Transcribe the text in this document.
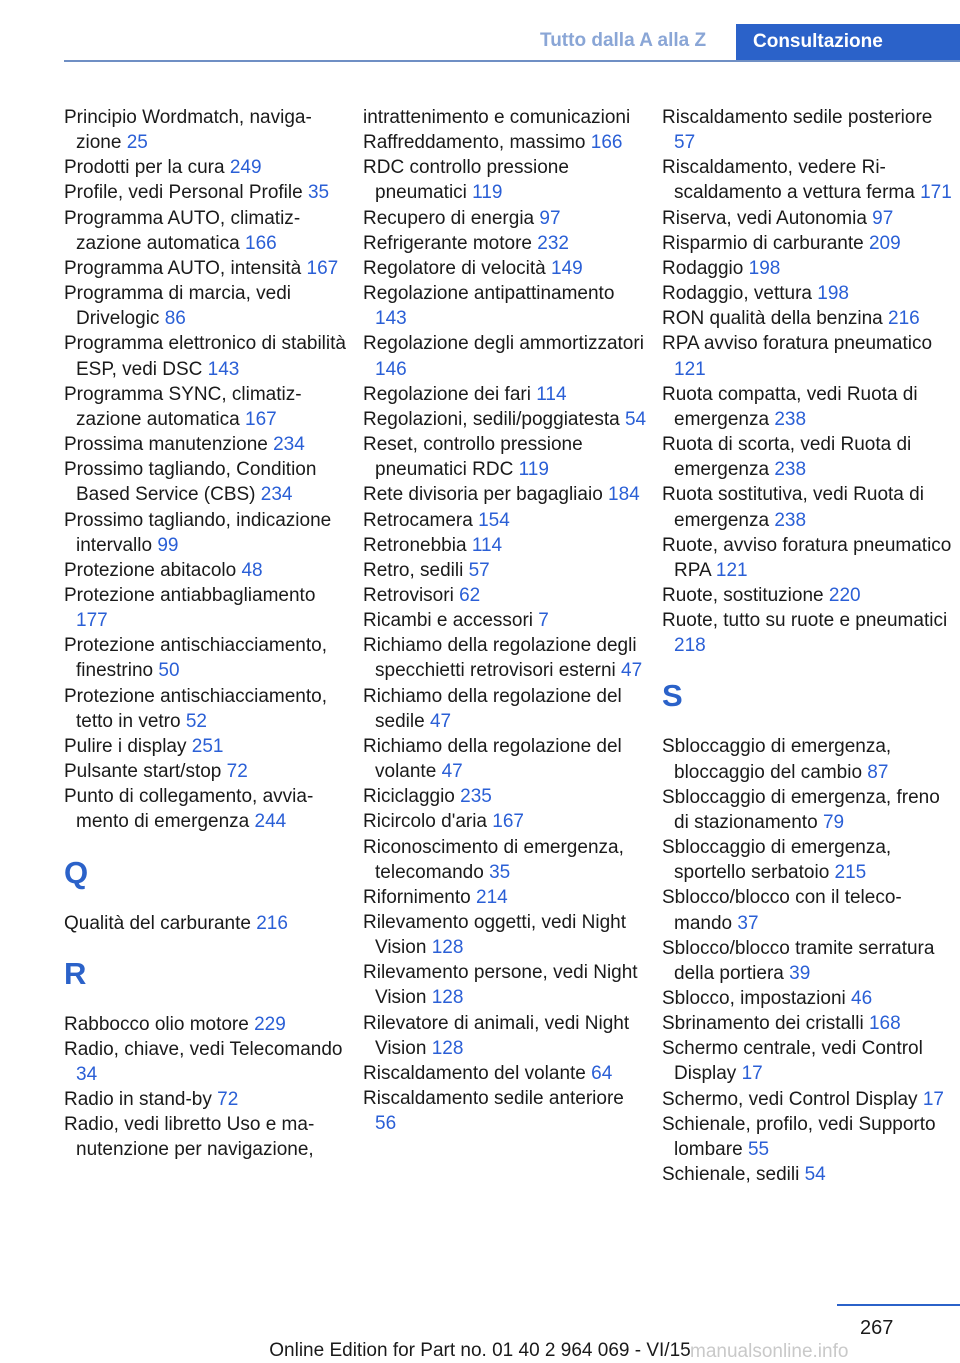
Tutto dalla A alla Z	Consultazione
Principio Wordmatch, navigazione 25
Prodotti per la cura 249
Profile, vedi Personal Profile 35
Programma AUTO, climatizzazione automatica 166
Programma AUTO, intensità 167
Programma di marcia, vedi Drivelogic 86
Programma elettronico di stabilità ESP, vedi DSC 143
Programma SYNC, climatizzazione automatica 167
Prossima manutenzione 234
Prossimo tagliando, Condition Based Service (CBS) 234
Prossimo tagliando, indicazione intervallo 99
Protezione abitacolo 48
Protezione antiabbagliamento 177
Protezione antischiacciamento, finestrino 50
Protezione antischiacciamento, tetto in vetro 52
Pulire i display 251
Pulsante start/stop 72
Punto di collegamento, avviamento di emergenza 244
Q
Qualità del carburante 216
R
Rabbocco olio motore 229
Radio, chiave, vedi Telecomando 34
Radio in stand-by 72
Radio, vedi libretto Uso e manutenzione per navigazione,
intrattenimento e comunicazioni
Raffreddamento, massimo 166
RDC controllo pressione pneumatici 119
Recupero di energia 97
Refrigerante motore 232
Regolatore di velocità 149
Regolazione antipattinamento 143
Regolazione degli ammortizzatori 146
Regolazione dei fari 114
Regolazioni, sedili/poggiatesta 54
Reset, controllo pressione pneumatici RDC 119
Rete divisoria per bagagliaio 184
Retrocamera 154
Retronebbia 114
Retro, sedili 57
Retrovisori 62
Ricambi e accessori 7
Richiamo della regolazione degli specchietti retrovisori esterni 47
Richiamo della regolazione del sedile 47
Richiamo della regolazione del volante 47
Riciclaggio 235
Ricircolo d'aria 167
Riconoscimento di emergenza, telecomando 35
Rifornimento 214
Rilevamento oggetti, vedi Night Vision 128
Rilevamento persone, vedi Night Vision 128
Rilevatore di animali, vedi Night Vision 128
Riscaldamento del volante 64
Riscaldamento sedile anteriore 56
Riscaldamento sedile posteriore 57
Riscaldamento, vedere Riscaldamento a vettura ferma 171
Riserva, vedi Autonomia 97
Risparmio di carburante 209
Rodaggio 198
Rodaggio, vettura 198
RON qualità della benzina 216
RPA avviso foratura pneumatico 121
Ruota compatta, vedi Ruota di emergenza 238
Ruota di scorta, vedi Ruota di emergenza 238
Ruota sostitutiva, vedi Ruota di emergenza 238
Ruote, avviso foratura pneumatico RPA 121
Ruote, sostituzione 220
Ruote, tutto su ruote e pneumatici 218
S
Sbloccaggio di emergenza, bloccaggio del cambio 87
Sbloccaggio di emergenza, freno di stazionamento 79
Sbloccaggio di emergenza, sportello serbatoio 215
Sblocco/blocco con il telecomando 37
Sblocco/blocco tramite serratura della portiera 39
Sblocco, impostazioni 46
Sbrinamento dei cristalli 168
Schermo centrale, vedi Control Display 17
Schermo, vedi Control Display 17
Schienale, profilo, vedi Supporto lombare 55
Schienale, sedili 54
267
Online Edition for Part no. 01 40 2 964 069 - VI/15 manualsonline.info
